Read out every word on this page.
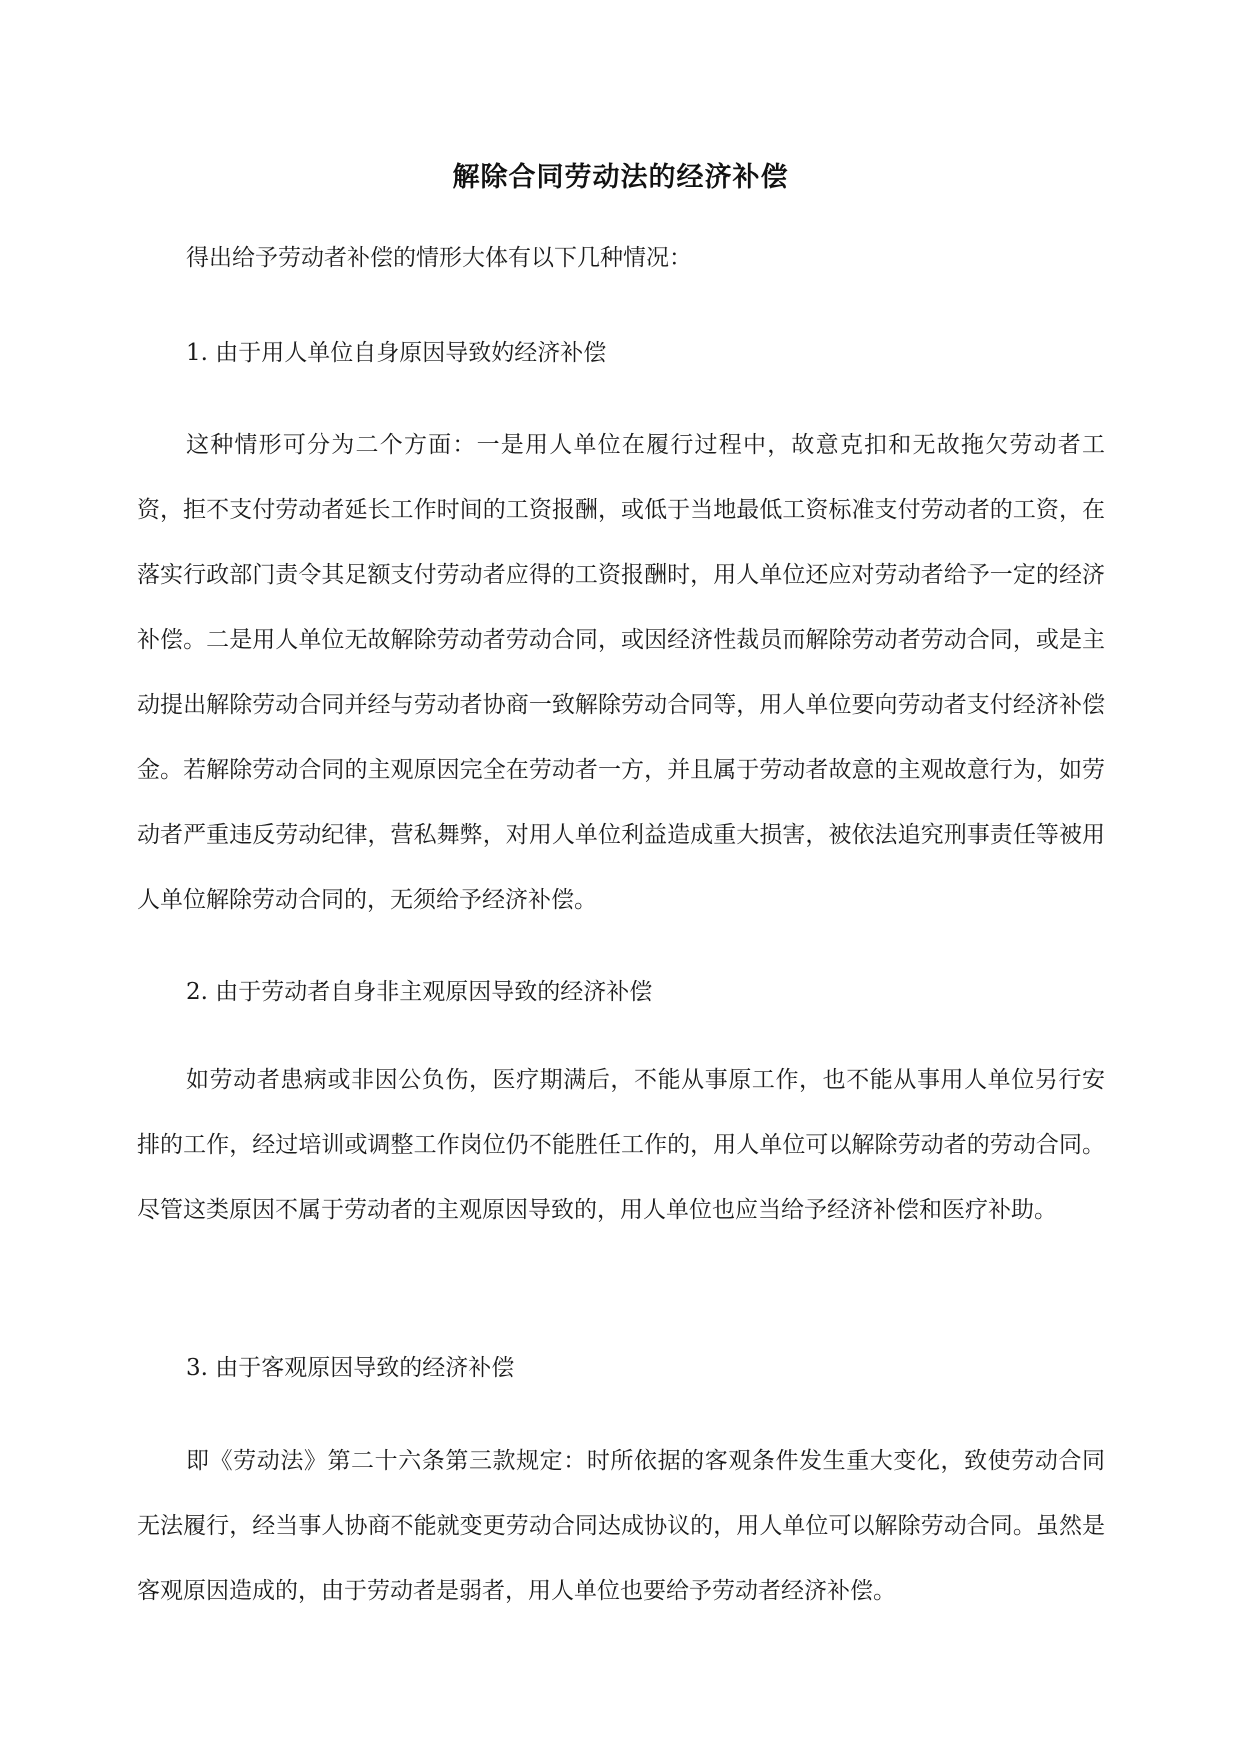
解除合同劳动法的经济补偿

得出给予劳动者补偿的情形大体有以下几种情况：

1. 由于用人单位自身原因导致妁经济补偿

这种情形可分为二个方面：一是用人单位在履行过程中，故意克扣和无故拖欠劳动者工资，拒不支付劳动者延长工作时间的工资报酬，或低于当地最低工资标准支付劳动者的工资，在落实行政部门责令其足额支付劳动者应得的工资报酬时，用人单位还应对劳动者给予一定的经济补偿。二是用人单位无故解除劳动者劳动合同，或因经济性裁员而解除劳动者劳动合同，或是主动提出解除劳动合同并经与劳动者协商一致解除劳动合同等，用人单位要向劳动者支付经济补偿金。若解除劳动合同的主观原因完全在劳动者一方，并且属于劳动者故意的主观故意行为，如劳动者严重违反劳动纪律，营私舞弊，对用人单位利益造成重大损害，被依法追究刑事责任等被用人单位解除劳动合同的，无须给予经济补偿。

2. 由于劳动者自身非主观原因导致的经济补偿

如劳动者患病或非因公负伤，医疗期满后，不能从事原工作，也不能从事用人单位另行安排的工作，经过培训或调整工作岗位仍不能胜任工作的，用人单位可以解除劳动者的劳动合同。尽管这类原因不属于劳动者的主观原因导致的，用人单位也应当给予经济补偿和医疗补助。

3. 由于客观原因导致的经济补偿

即《劳动法》第二十六条第三款规定：时所依据的客观条件发生重大变化，致使劳动合同无法履行，经当事人协商不能就变更劳动合同达成协议的，用人单位可以解除劳动合同。虽然是客观原因造成的，由于劳动者是弱者，用人单位也要给予劳动者经济补偿。
